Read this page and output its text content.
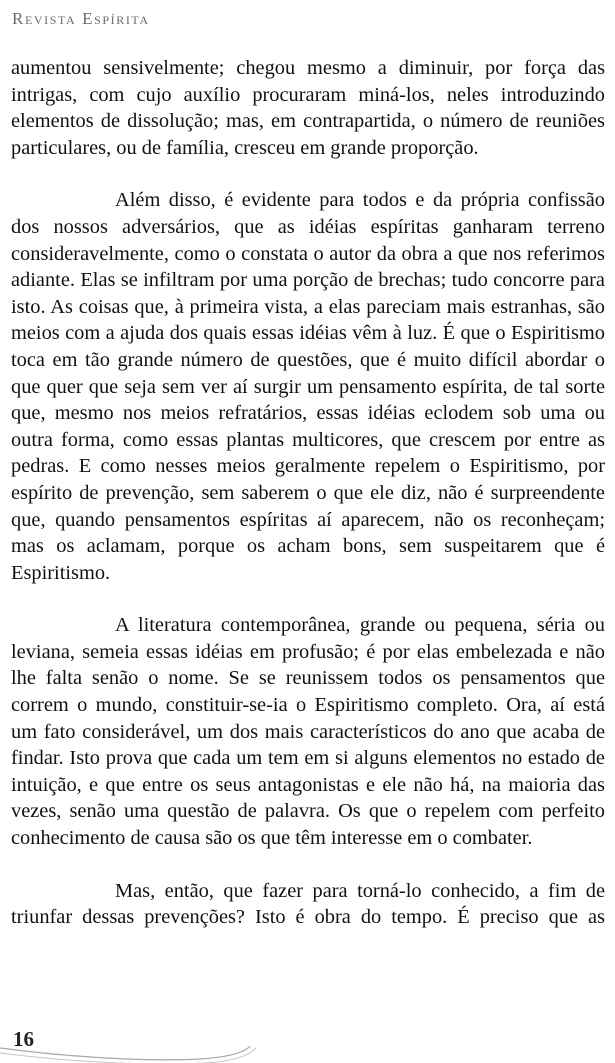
Revista Espírita

aumentou sensivelmente; chegou mesmo a diminuir, por força das intrigas, com cujo auxílio procuraram miná-los, neles introduzindo elementos de dissolução; mas, em contrapartida, o número de reuniões particulares, ou de família, cresceu em grande proporção.

Além disso, é evidente para todos e da própria confissão dos nossos adversários, que as idéias espíritas ganharam terreno consideravelmente, como o constata o autor da obra a que nos referimos adiante. Elas se infiltram por uma porção de brechas; tudo concorre para isto. As coisas que, à primeira vista, a elas pareciam mais estranhas, são meios com a ajuda dos quais essas idéias vêm à luz. É que o Espiritismo toca em tão grande número de questões, que é muito difícil abordar o que quer que seja sem ver aí surgir um pensamento espírita, de tal sorte que, mesmo nos meios refratários, essas idéias eclodem sob uma ou outra forma, como essas plantas multicores, que crescem por entre as pedras. E como nesses meios geralmente repelem o Espiritismo, por espírito de prevenção, sem saberem o que ele diz, não é surpreendente que, quando pensamentos espíritas aí aparecem, não os reconheçam; mas os aclamam, porque os acham bons, sem suspeitarem que é Espiritismo.

A literatura contemporânea, grande ou pequena, séria ou leviana, semeia essas idéias em profusão; é por elas embelezada e não lhe falta senão o nome. Se se reunissem todos os pensamentos que correm o mundo, constituir-se-ia o Espiritismo completo. Ora, aí está um fato considerável, um dos mais característicos do ano que acaba de findar. Isto prova que cada um tem em si alguns elementos no estado de intuição, e que entre os seus antagonistas e ele não há, na maioria das vezes, senão uma questão de palavra. Os que o repelem com perfeito conhecimento de causa são os que têm interesse em o combater.

Mas, então, que fazer para torná-lo conhecido, a fim de triunfar dessas prevenções? Isto é obra do tempo. É preciso que as

16
